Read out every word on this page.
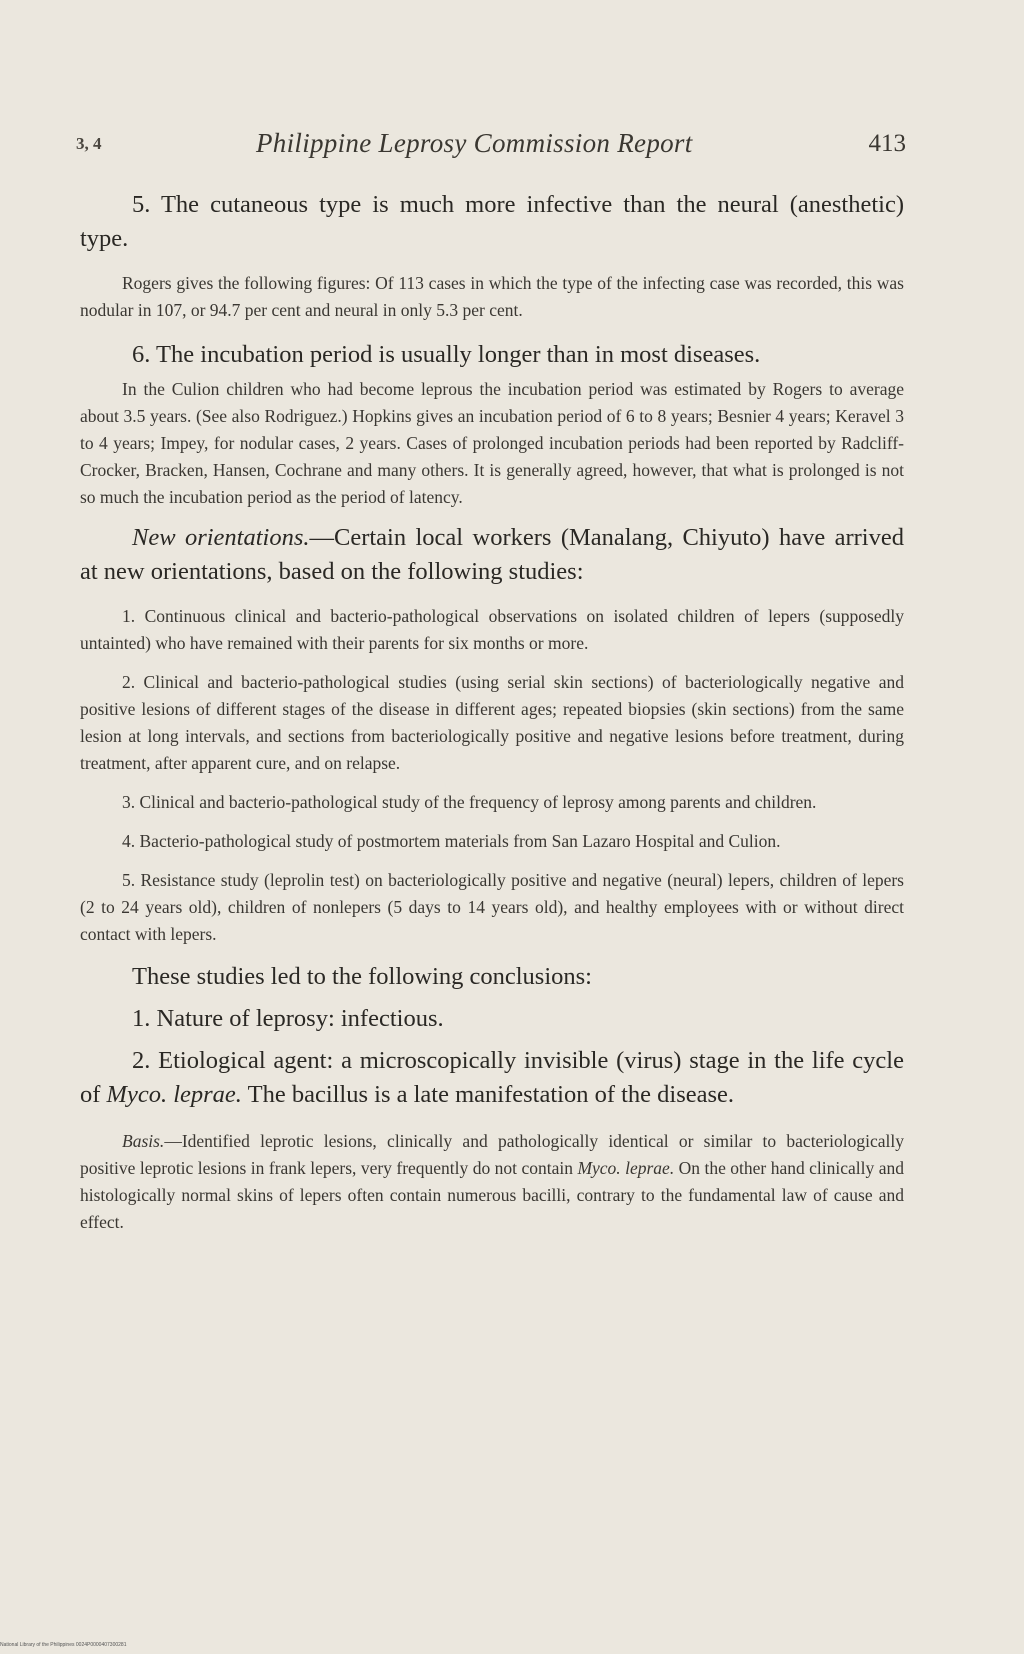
3, 4	Philippine Leprosy Commission Report	413

5. The cutaneous type is much more infective than the neural (anesthetic) type.

Rogers gives the following figures: Of 113 cases in which the type of the infecting case was recorded, this was nodular in 107, or 94.7 per cent and neural in only 5.3 per cent.

6. The incubation period is usually longer than in most diseases.

In the Culion children who had become leprous the incubation period was estimated by Rogers to average about 3.5 years. (See also Rodriguez.) Hopkins gives an incubation period of 6 to 8 years; Besnier 4 years; Keravel 3 to 4 years; Impey, for nodular cases, 2 years. Cases of prolonged incubation periods had been reported by Radcliff-Crocker, Bracken, Hansen, Cochrane and many others. It is generally agreed, however, that what is prolonged is not so much the incubation period as the period of latency.

New orientations.—Certain local workers (Manalang, Chiyuto) have arrived at new orientations, based on the following studies:

1. Continuous clinical and bacterio-pathological observations on isolated children of lepers (supposedly untainted) who have remained with their parents for six months or more.

2. Clinical and bacterio-pathological studies (using serial skin sections) of bacteriologically negative and positive lesions of different stages of the disease in different ages; repeated biopsies (skin sections) from the same lesion at long intervals, and sections from bacteriologically positive and negative lesions before treatment, during treatment, after apparent cure, and on relapse.

3. Clinical and bacterio-pathological study of the frequency of leprosy among parents and children.

4. Bacterio-pathological study of postmortem materials from San Lazaro Hospital and Culion.

5. Resistance study (leprolin test) on bacteriologically positive and negative (neural) lepers, children of lepers (2 to 24 years old), children of nonlepers (5 days to 14 years old), and healthy employees with or without direct contact with lepers.

These studies led to the following conclusions:

1. Nature of leprosy: infectious.

2. Etiological agent: a microscopically invisible (virus) stage in the life cycle of Myco. leprae. The bacillus is a late manifestation of the disease.

Basis.—Identified leprotic lesions, clinically and pathologically identical or similar to bacteriologically positive leprotic lesions in frank lepers, very frequently do not contain Myco. leprae. On the other hand clinically and histologically normal skins of lepers often contain numerous bacilli, contrary to the fundamental law of cause and effect.

National Library of the Philippines 0024P0000407300281
